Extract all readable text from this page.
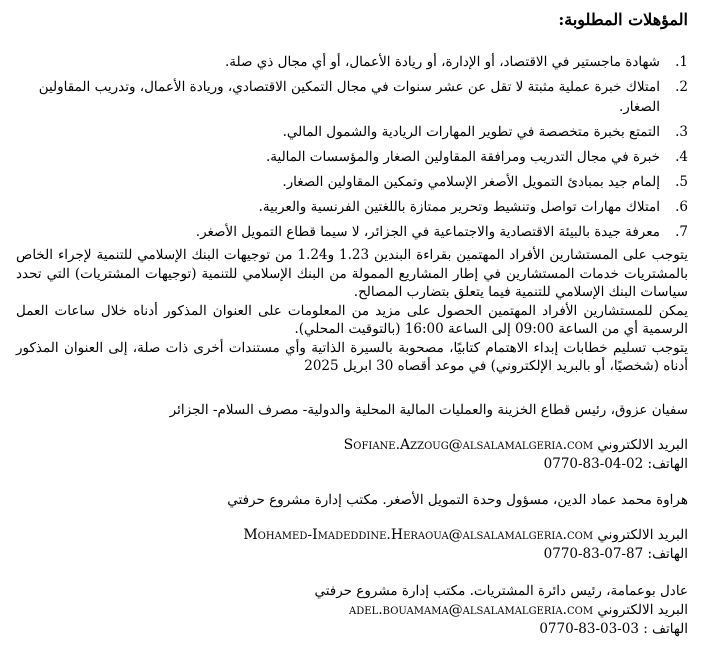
المؤهلات المطلوبة:
.1
شهادة ماجستير في الاقتصاد، أو الإدارة، أو ريادة الأعمال، أو أي مجال ذي صلة.
.2
امتلاك خبرة عملية مثبتة لا تقل عن عشر سنوات في مجال التمكين الاقتصادي، وريادة الأعمال، وتدريب المقاولين الصغار.
.3
التمتع بخبرة متخصصة في تطوير المهارات الريادية والشمول المالي.
.4
خبرة في مجال التدريب ومرافقة المقاولين الصغار والمؤسسات المالية.
.5
إلمام جيد بمبادئ التمويل الأصغر الإسلامي وتمكين المقاولين الصغار.
.6
امتلاك مهارات تواصل وتنشيط وتحرير ممتازة باللغتين الفرنسية والعربية.
.7
معرفة جيدة بالبيئة الاقتصادية والاجتماعية في الجزائر، لا سيما قطاع التمويل الأصغر.

يتوجب على المستشارين الأفراد المهتمين بقراءة البندين 1.23 و1.24 من توجيهات البنك الإسلامي للتنمية لإجراء الخاص بالمشتريات خدمات المستشارين في إطار المشاريع الممولة من البنك الإسلامي للتنمية (توجيهات المشتريات) التي تحدد سياسات البنك الإسلامي للتنمية فيما يتعلق بتضارب المصالح.

يمكن للمستشارين الأفراد المهتمين الحصول على مزيد من المعلومات على العنوان المذكور أدناه خلال ساعات العمل الرسمية أي من الساعة 09:00 إلى الساعة 16:00 (بالتوقيت المحلي).

يتوجب تسليم خطابات إبداء الاهتمام كتابيًا، مصحوبة بالسيرة الذاتية وأي مستندات أخرى ذات صلة، إلى العنوان المذكور أدناه (شخصيًا، أو بالبريد الإلكتروني) في موعد أقصاه 30 ابريل 2025

سفيان عزوق، رئيس قطاع الخزينة والعمليات المالية المحلية والدولية- مصرف السلام- الجزائر
البريد الالكتروني Sofiane.Azzoug@alsalamalgeria.com
الهاتف: 0770-83-04-02
هراوة محمد عماد الدين، مسؤول وحدة التمويل الأصغر. مكتب إدارة مشروع حرفتي
البريد الالكتروني Mohamed-Imadeddine.Heraoua@alsalamalgeria.com
الهاتف: 0770-83-07-87
عادل بوعمامة، رئيس دائرة المشتريات. مكتب إدارة مشروع حرفتي
البريد الالكتروني adel.bouamama@alsalamalgeria.com
الهاتف : 0770-83-03-03
